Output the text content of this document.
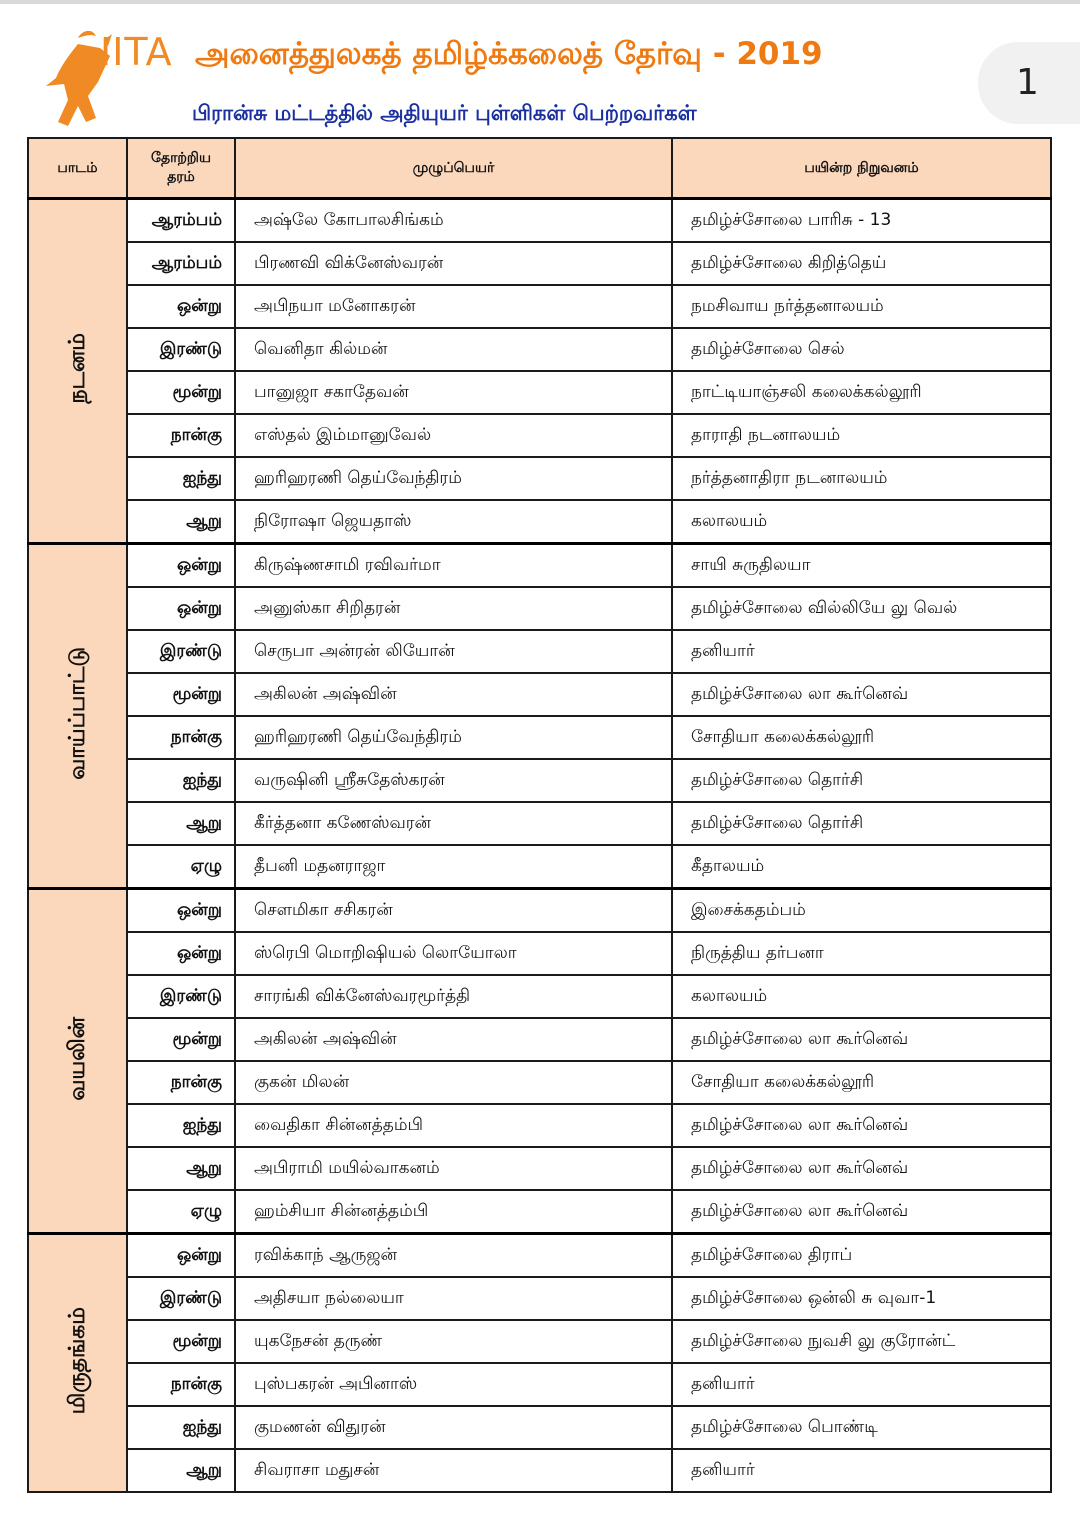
IITA அனைத்துலகத் தமிழ்க்கலைத் தேர்வு - 2019
பிரான்சு மட்டத்தில் அதியுயர் புள்ளிகள் பெற்றவர்கள்
1
பாடம்	தோற்றிய தரம்	முழுப்பெயர்	பயின்ற நிறுவனம்
நடனம்	ஆரம்பம்	அஷ்லே கோபாலசிங்கம்	தமிழ்ச்சோலை பாரிசு - 13
	ஆரம்பம்	பிரணவி விக்னேஸ்வரன்	தமிழ்ச்சோலை கிறித்தெய்
	ஒன்று	அபிநயா மனோகரன்	நமசிவாய நர்த்தனாலயம்
	இரண்டு	வெனிதா கில்மன்	தமிழ்ச்சோலை செல்
	மூன்று	பானுஜா சகாதேவன்	நாட்டியாஞ்சலி கலைக்கல்லூரி
	நான்கு	எஸ்தல் இம்மானுவேல்	தாராதி நடனாலயம்
	ஐந்து	ஹரிஹரணி தெய்வேந்திரம்	நர்த்தனாதிரா நடனாலயம்
	ஆறு	நிரோஷா ஜெயதாஸ்	கலாலயம்
வாய்ப்பாட்டு	ஒன்று	கிருஷ்ணசாமி ரவிவர்மா	சாயி சுருதிலயா
	ஒன்று	அனுஸ்கா சிறிதரன்	தமிழ்ச்சோலை வில்லியே லு வெல்
	இரண்டு	செருபா அன்ரன் லியோன்	தனியார்
	மூன்று	அகிலன் அஷ்வின்	தமிழ்ச்சோலை லா கூர்னெவ்
	நான்கு	ஹரிஹரணி தெய்வேந்திரம்	சோதியா கலைக்கல்லூரி
	ஐந்து	வருஷினி ஸ்ரீசுதேஸ்கரன்	தமிழ்ச்சோலை தொர்சி
	ஆறு	கீர்த்தனா கணேஸ்வரன்	தமிழ்ச்சோலை தொர்சி
	ஏழு	தீபனி மதனராஜா	கீதாலயம்
வயலின்	ஒன்று	சௌமிகா சசிகரன்	இசைக்கதம்பம்
	ஒன்று	ஸ்ரெபி மொறிஷியல் லொயோலா	நிருத்திய தர்பனா
	இரண்டு	சாரங்கி விக்னேஸ்வரமூர்த்தி	கலாலயம்
	மூன்று	அகிலன் அஷ்வின்	தமிழ்ச்சோலை லா கூர்னெவ்
	நான்கு	குகன் மிலன்	சோதியா கலைக்கல்லூரி
	ஐந்து	வைதிகா சின்னத்தம்பி	தமிழ்ச்சோலை லா கூர்னெவ்
	ஆறு	அபிராமி மயில்வாகனம்	தமிழ்ச்சோலை லா கூர்னெவ்
	ஏழு	ஹம்சியா சின்னத்தம்பி	தமிழ்ச்சோலை லா கூர்னெவ்
மிருதங்கம்	ஒன்று	ரவிக்காந் ஆருஜன்	தமிழ்ச்சோலை திராப்
	இரண்டு	அதிசயா நல்லையா	தமிழ்ச்சோலை ஒன்லி சு வுவா-1
	மூன்று	யுகநேசன் தருண்	தமிழ்ச்சோலை நுவசி லு குரோன்ட்
	நான்கு	புஸ்பகரன் அபினாஸ்	தனியார்
	ஐந்து	குமணன் விதுரன்	தமிழ்ச்சோலை பொண்டி
	ஆறு	சிவராசா மதுசன்	தனியார்
